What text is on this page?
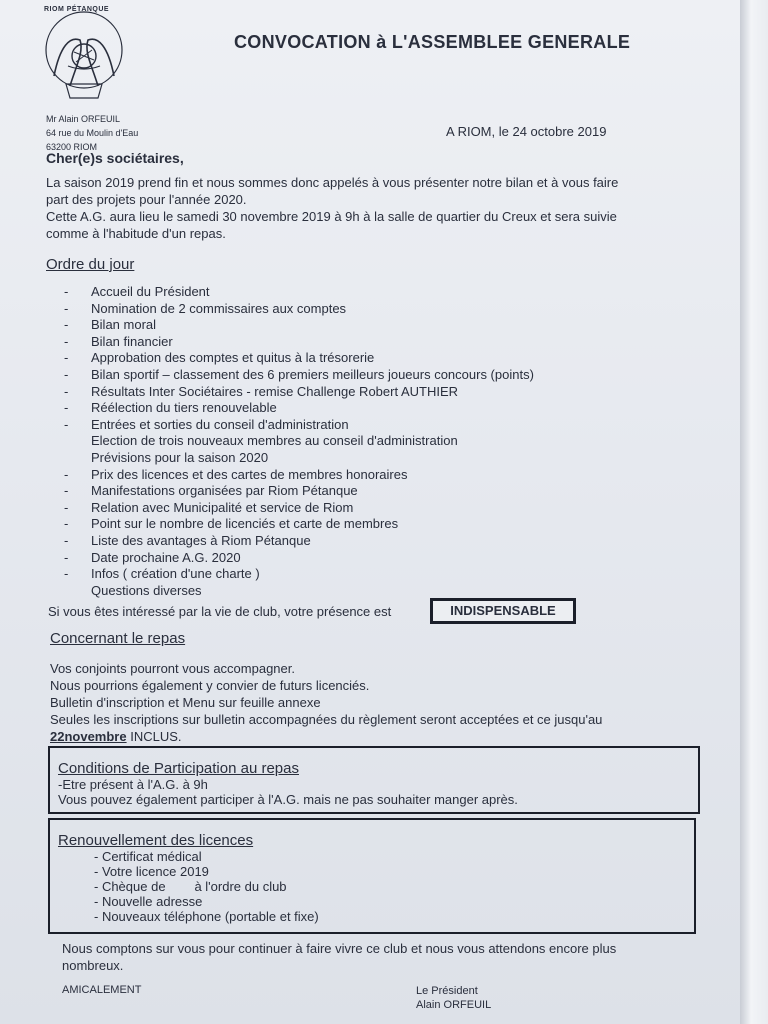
RIOM PÉTANQUE
CONVOCATION à L'ASSEMBLEE GENERALE
Mr Alain ORFEUIL
64 rue du Moulin d'Eau
63200 RIOM
A RIOM, le 24 octobre 2019
Cher(e)s sociétaires,
La saison 2019 prend fin et nous sommes donc appelés à vous présenter notre bilan et à vous faire
part des projets pour l'année 2020.
Cette A.G. aura lieu le samedi 30 novembre 2019 à 9h à la salle de quartier du Creux et sera suivie
comme à l'habitude d'un repas.
Ordre du jour
-	Accueil du Président
-	Nomination de 2 commissaires aux comptes
-	Bilan moral
-	Bilan financier
-	Approbation des comptes et quitus à la trésorerie
-	Bilan sportif – classement des 6 premiers meilleurs joueurs concours (points)
-	Résultats Inter Sociétaires - remise Challenge Robert AUTHIER
-	Réélection du tiers renouvelable
-	Entrées et sorties du conseil d'administration
Election de trois nouveaux membres au conseil d'administration
Prévisions pour la saison 2020
-	Prix des licences et des cartes de membres honoraires
-	Manifestations organisées par Riom Pétanque
-	Relation avec Municipalité et service de Riom
-	Point sur le nombre de licenciés et carte de membres
-	Liste des avantages à Riom Pétanque
-	Date prochaine A.G. 2020
-	Infos ( création d'une charte )
Questions diverses
Si vous êtes intéressé par la vie de club, votre présence est	INDISPENSABLE
Concernant le repas
Vos conjoints pourront vous accompagner.
Nous pourrions également y convier de futurs licenciés.
Bulletin d'inscription et Menu sur feuille annexe
Seules les inscriptions sur bulletin accompagnées du règlement seront acceptées et ce jusqu'au
22novembre INCLUS.
Conditions de Participation au repas
-Etre présent à l'A.G. à 9h
Vous pouvez également participer à l'A.G. mais ne pas souhaiter manger après.
Renouvellement des licences
- Certificat médical
- Votre licence 2019
- Chèque de        à l'ordre du club
- Nouvelle adresse
- Nouveaux téléphone (portable et fixe)
Nous comptons sur vous pour continuer à faire vivre ce club et nous vous attendons encore plus nombreux.
AMICALEMENT	Le Président
Alain ORFEUIL
